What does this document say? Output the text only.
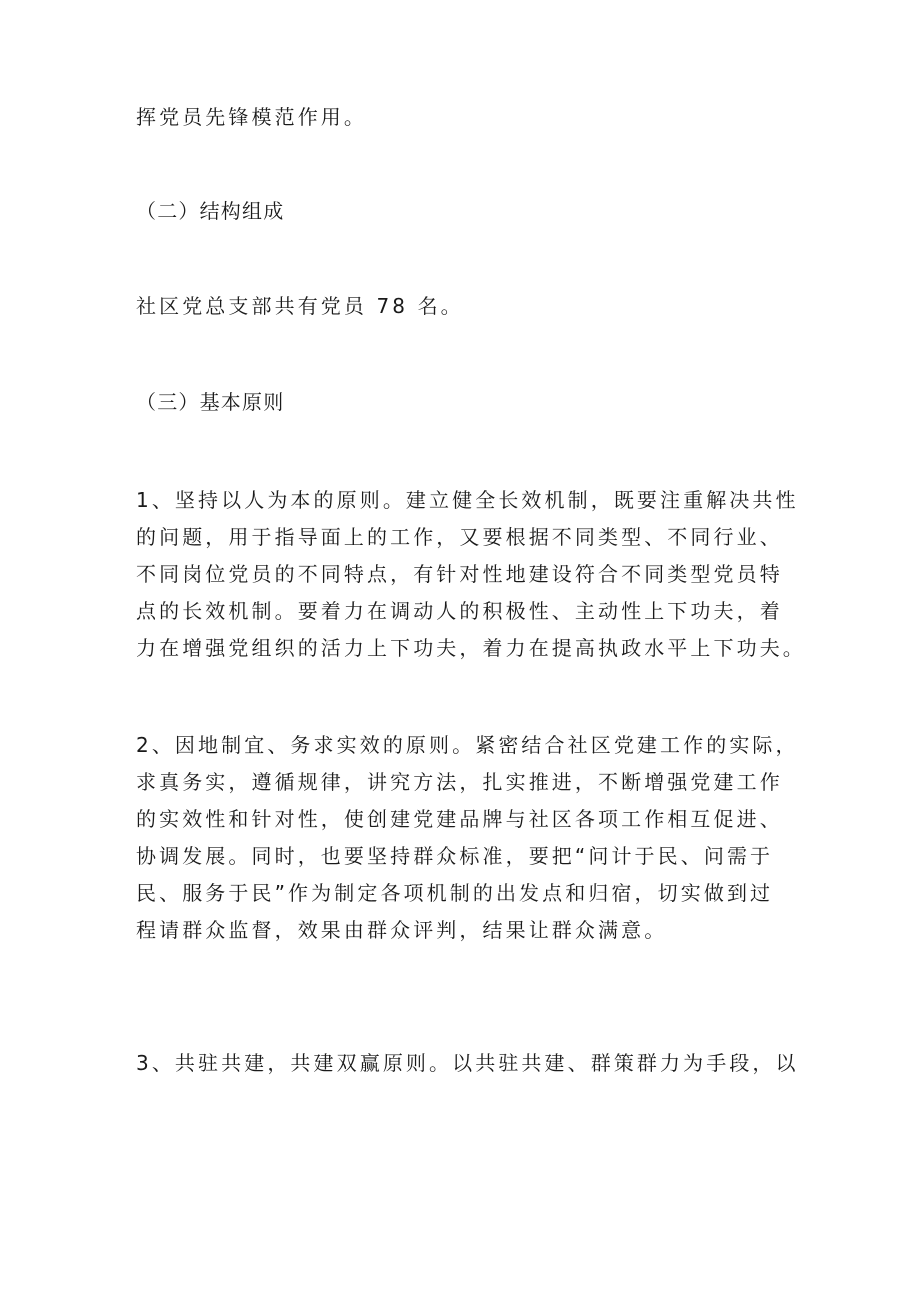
挥党员先锋模范作用。
（二）结构组成
社区党总支部共有党员 78 名。
（三）基本原则
1、坚持以人为本的原则。建立健全长效机制，既要注重解决共性
的问题，用于指导面上的工作，又要根据不同类型、不同行业、
不同岗位党员的不同特点，有针对性地建设符合不同类型党员特
点的长效机制。要着力在调动人的积极性、主动性上下功夫，着
力在增强党组织的活力上下功夫，着力在提高执政水平上下功夫。
2、因地制宜、务求实效的原则。紧密结合社区党建工作的实际，
求真务实，遵循规律，讲究方法，扎实推进，不断增强党建工作
的实效性和针对性，使创建党建品牌与社区各项工作相互促进、
协调发展。同时，也要坚持群众标准，要把“问计于民、问需于
民、服务于民”作为制定各项机制的出发点和归宿，切实做到过
程请群众监督，效果由群众评判，结果让群众满意。
3、共驻共建，共建双赢原则。以共驻共建、群策群力为手段，以
